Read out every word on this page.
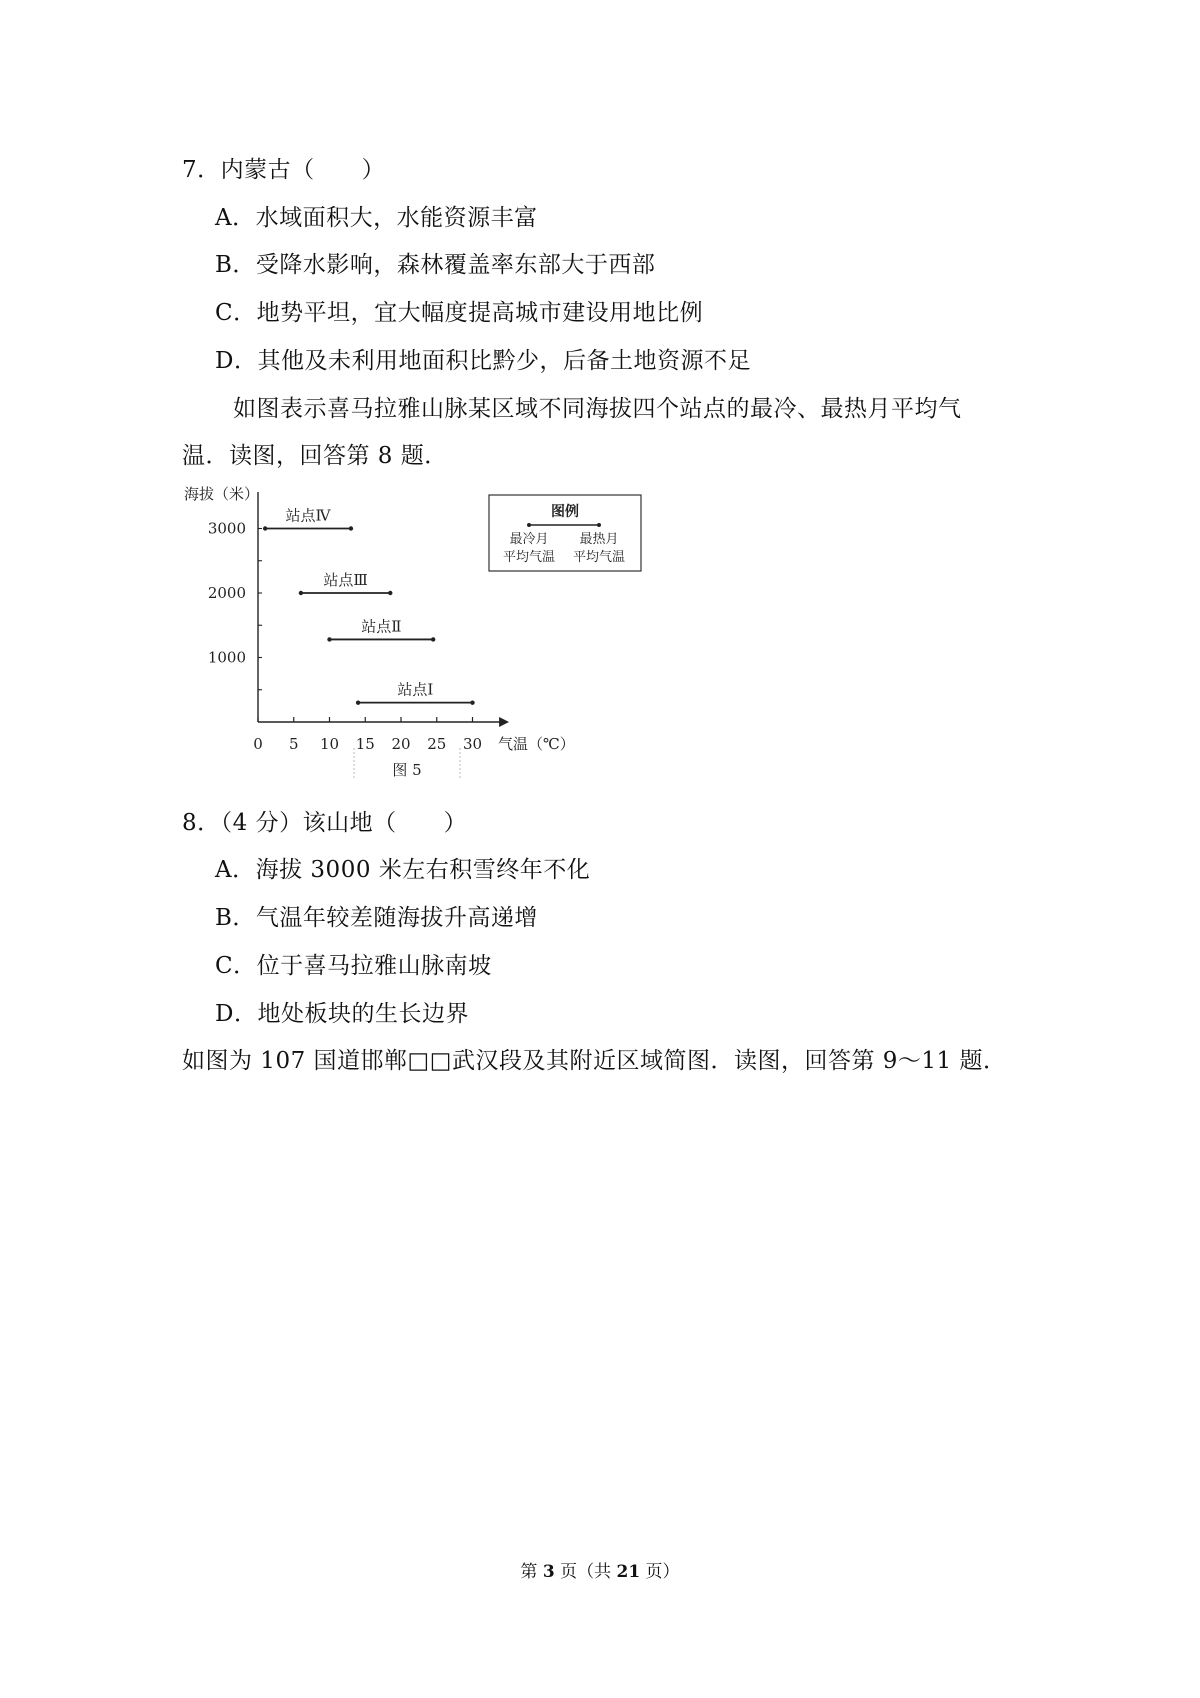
7．内蒙古（　　）
A．水域面积大，水能资源丰富
B．受降水影响，森林覆盖率东部大于西部
C．地势平坦，宜大幅度提高城市建设用地比例
D．其他及未利用地面积比黔少，后备土地资源不足
如图表示喜马拉雅山脉某区域不同海拔四个站点的最冷、最热月平均气
温．读图，回答第 8 题．
海拔（米）
气温（℃）
0 5 10 15 20 25 30
1000
2000
3000
站点Ⅳ
站点Ⅲ
站点Ⅱ
站点Ⅰ
图例
最冷月
平均气温
最热月
平均气温
图 5
8．（4 分）该山地（　　）
A．海拔 3000 米左右积雪终年不化
B．气温年较差随海拔升高递增
C．位于喜马拉雅山脉南坡
D．地处板块的生长边界
如图为 107 国道邯郸□□武汉段及其附近区域简图．读图，回答第 9～11 题．
第 3 页（共 21 页）
